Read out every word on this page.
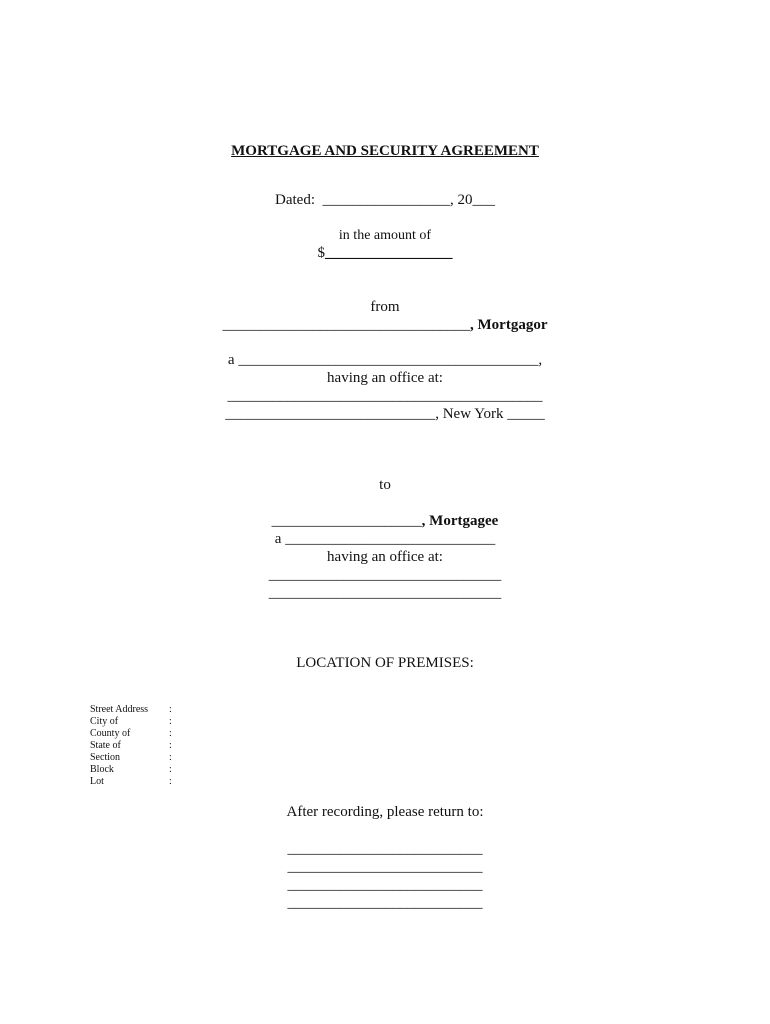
MORTGAGE AND SECURITY AGREEMENT
Dated:  _________________, 20___
in the amount of
$_________________
from
_________________________________, Mortgagor
a ________________________________________,
having an office at:
__________________________________________
____________________________, New York _____
to
____________________, Mortgagee
a ____________________________
having an office at:
_______________________________
_______________________________
LOCATION OF PREMISES:
Street Address :
City of	:
County of	:
State of	:
Section	:
Block	:
Lot	:
After recording, please return to:
__________________________
__________________________
__________________________
__________________________
